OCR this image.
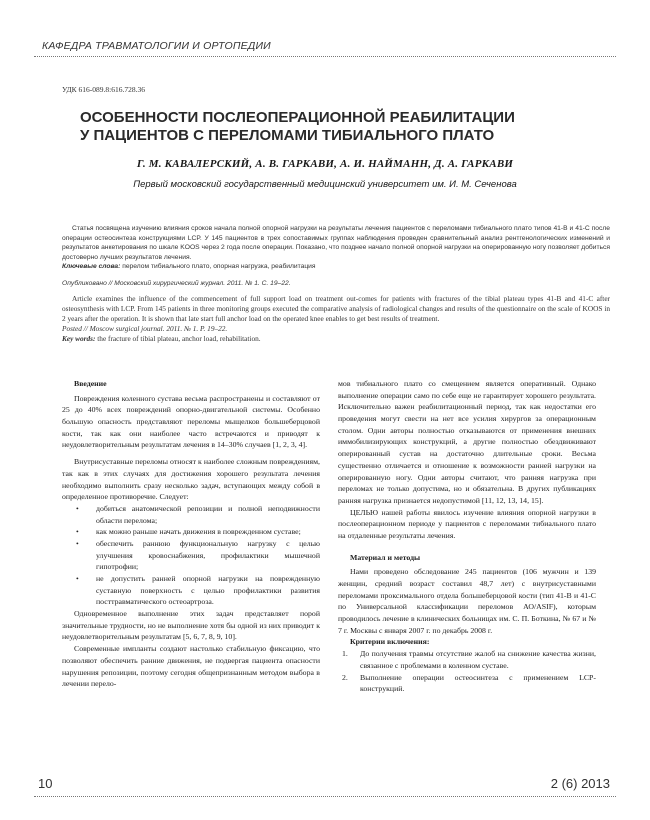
КАФЕДРА ТРАВМАТОЛОГИИ И ОРТОПЕДИИ
УДК 616-089.8:616.728.36
ОСОБЕННОСТИ ПОСЛЕОПЕРАЦИОННОЙ РЕАБИЛИТАЦИИ
У ПАЦИЕНТОВ С ПЕРЕЛОМАМИ ТИБИАЛЬНОГО ПЛАТО
Г. М. КАВАЛЕРСКИЙ, А. В. ГАРКАВИ, А. И. НАЙМАНН, Д. А. ГАРКАВИ
Первый московский государственный медицинский университет им. И. М. Сеченова

Статья посвящена изучению влияния сроков начала полной опорной нагрузки на результаты лечения пациентов с переломами тибиального плато типов 41-В и 41-С после операции остеосинтеза конструкциями LCP. У 145 пациентов в трех сопоставимых группах наблюдения проведен сравнительный анализ рентгенологических изменений и результатов анкетирования по шкале KOOS через 2 года после операции. Показано, что позднее начало полной опорной нагрузки на оперированную ногу позволяет добиться достоверно лучших результатов лечения.

Ключевые слова: перелом тибиального плато, опорная нагрузка, реабилитация

Опубликовано // Московский хирургический журнал. 2011. № 1. С. 19–22.

Article examines the influence of the commencement of full support load on treatment out-comes for patients with fractures of the tibial plateau types 41-B and 41-C after osteosynthesis with LCP. From 145 patients in three monitoring groups executed the comparative analysis of radiological changes and results of the questionnaire on the scale of KOOS in 2 years after the operation. It is shown that late start full anchor load on the operated knee enables to get best results of treatment.

Posted // Moscow surgical journal. 2011. № 1. P. 19–22.

Key words: the fracture of tibial plateau, anchor load, rehabilitation.

Введение

Повреждения коленного сустава весьма распространены и составляют от 25 до 40% всех повреждений опорно-двигательной системы. Особенно большую опасность представляют переломы мыщелков большеберцовой кости, так как они наиболее часто встречаются и приводят к неудовлетворительным результатам лечения в 14–30% случаев [1, 2, 3, 4].

Внутрисуставные переломы относят к наиболее сложным повреждениям, так как в этих случаях для достижения хорошего результата лечения необходимо выполнить сразу несколько задач, вступающих между собой в определенное противоречие. Следует:

• добиться анатомической репозиции и полной неподвижности области перелома;
• как можно раньше начать движения в поврежденном суставе;
• обеспечить раннюю функциональную нагрузку с целью улучшения кровоснабжения, профилактики мышечной гипотрофии;
• не допустить ранней опорной нагрузки на поврежденную суставную поверхность с целью профилактики развития посттравматического остеоартроза.

Одновременное выполнение этих задач представляет порой значительные трудности, но не выполнение хотя бы одной из них приводит к неудовлетворительным результатам [5, 6, 7, 8, 9, 10].

Современные импланты создают настолько стабильную фиксацию, что позволяют обеспечить ранние движения, не подвергая пациента опасности нарушения репозиции, поэтому сегодня общепризнанным методом выбора в лечении перело-

мов тибиального плато со смещением является оперативный. Однако выполнение операции само по себе еще не гарантирует хорошего результата. Исключительно важен реабилитационный период, так как недостатки его проведения могут свести на нет все усилия хирургов за операционным столом. Одни авторы полностью отказываются от применения внешних иммобилизирующих конструкций, а другие полностью обездвиживают оперированный сустав на достаточно длительные сроки. Весьма существенно отличается и отношение к возможности ранней нагрузки на оперированную ногу. Одни авторы считают, что ранняя нагрузка при переломах не только допустима, но и обязательна. В других публикациях ранняя нагрузка признается недопустимой [11, 12, 13, 14, 15].

ЦЕЛЬЮ нашей работы явилось изучение влияния опорной нагрузки в послеоперационном периоде у пациентов с переломами тибиального плато на отдаленные результаты лечения.

Материал и методы

Нами проведено обследование 245 пациентов (106 мужчин и 139 женщин, средний возраст составил 48,7 лет) с внутрисуставными переломами проксимального отдела большеберцовой кости (тип 41-В и 41-С по Универсальной классификации переломов АО/ASIF), которым проводилось лечение в клинических больницах им. С. П. Боткина, № 67 и № 7 г. Москвы с января 2007 г. по декабрь 2008 г.

Критерии включения:

1. До получения травмы отсутствие жалоб на снижение качества жизни, связанное с проблемами в коленном суставе.
2. Выполнение операции остеосинтеза с применением LCP-конструкций.
10	2 (6) 2013
